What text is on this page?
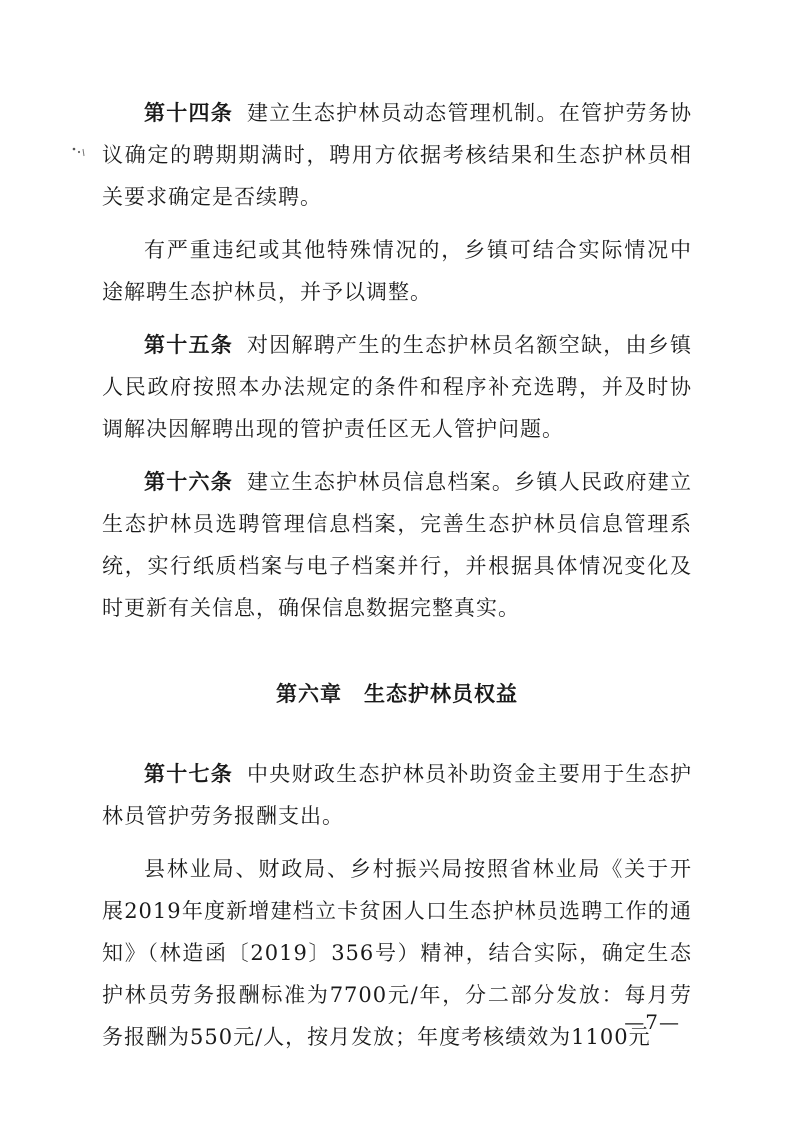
第十四条 建立生态护林员动态管理机制。在管护劳务协议确定的聘期期满时，聘用方依据考核结果和生态护林员相关要求确定是否续聘。

有严重违纪或其他特殊情况的，乡镇可结合实际情况中途解聘生态护林员，并予以调整。

第十五条 对因解聘产生的生态护林员名额空缺，由乡镇人民政府按照本办法规定的条件和程序补充选聘，并及时协调解决因解聘出现的管护责任区无人管护问题。

第十六条 建立生态护林员信息档案。乡镇人民政府建立生态护林员选聘管理信息档案，完善生态护林员信息管理系统，实行纸质档案与电子档案并行，并根据具体情况变化及时更新有关信息，确保信息数据完整真实。

第六章 生态护林员权益

第十七条 中央财政生态护林员补助资金主要用于生态护林员管护劳务报酬支出。

县林业局、财政局、乡村振兴局按照省林业局《关于开展2019年度新增建档立卡贫困人口生态护林员选聘工作的通知》（林造函〔2019〕356号）精神，结合实际，确定生态护林员劳务报酬标准为7700元/年，分二部分发放：每月劳务报酬为550元/人，按月发放；年度考核绩效为1100元

—7—
